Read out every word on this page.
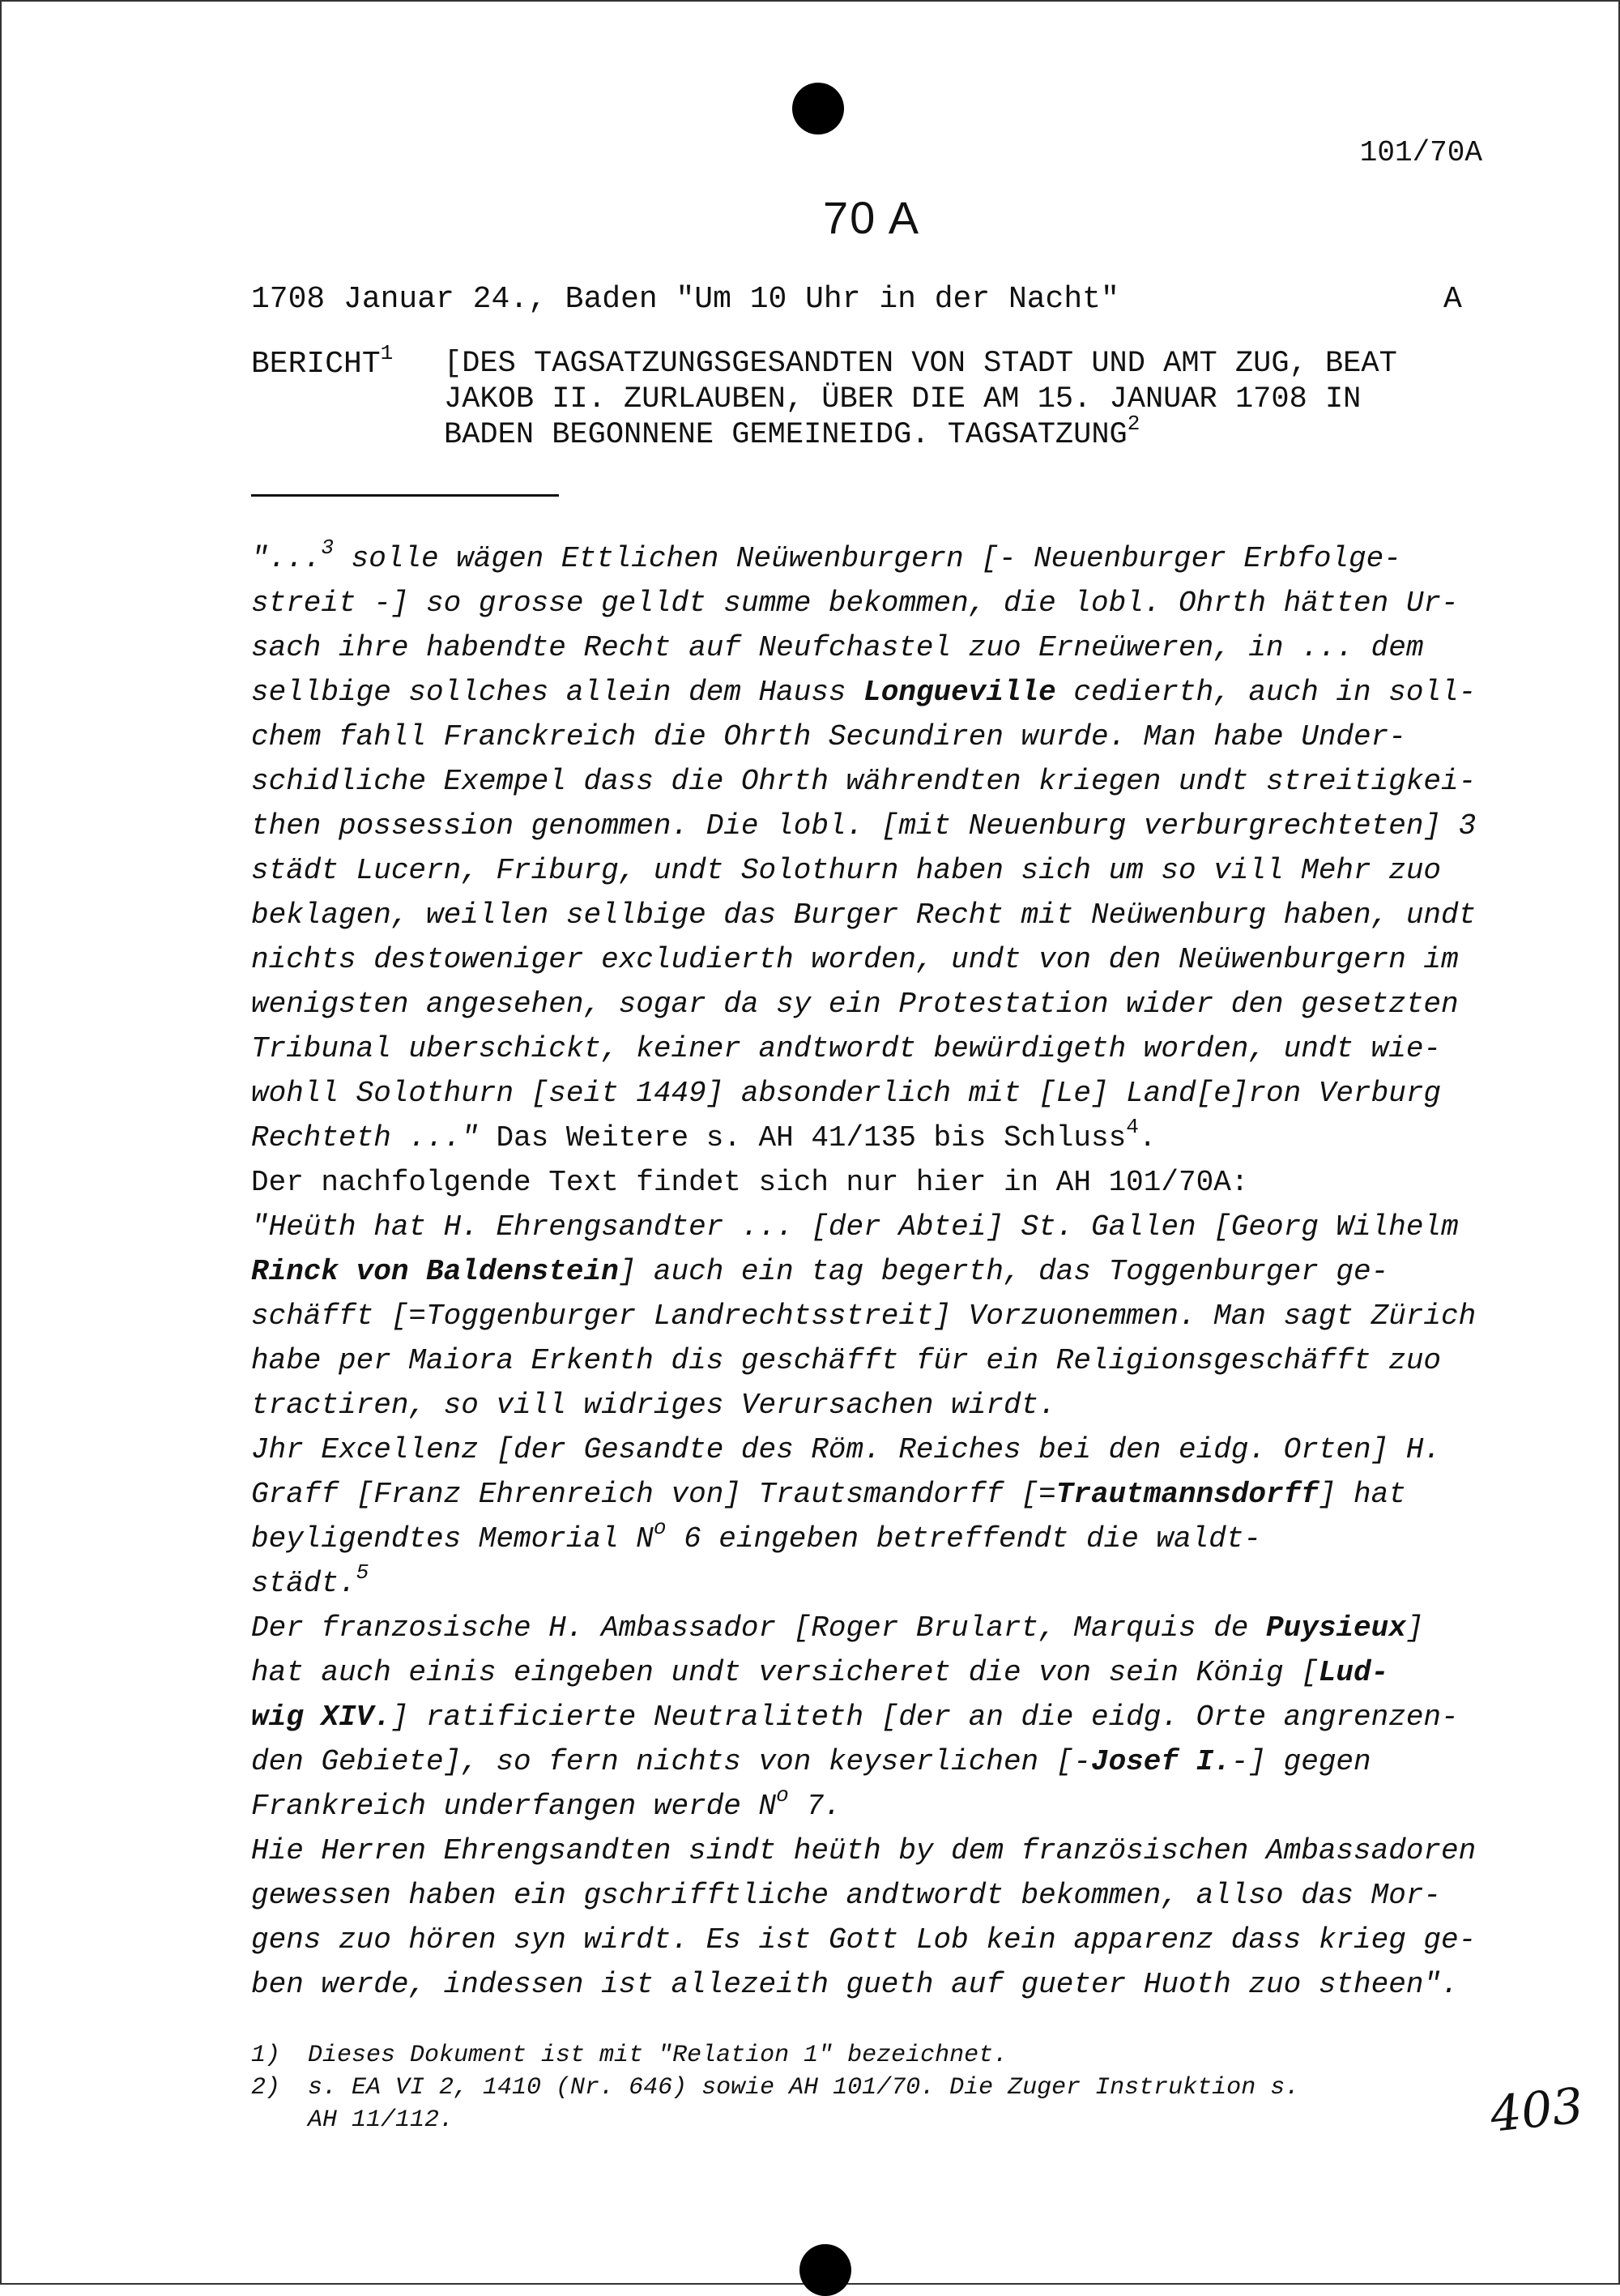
101/70A
70 A
1708 Januar 24., Baden "Um 10 Uhr in der Nacht"	A
BERICHT$^1$ [DES TAGSATZUNGSGESANDTEN VON STADT UND AMT ZUG, BEAT
JAKOB II. ZURLAUBEN, ÜBER DIE AM 15. JANUAR 1708 IN
BADEN BEGONNENE GEMEINEIDG. TAGSATZUNG$^2$
"...$^3$ solle wägen Ettlichen Neüwenburgern [- Neuenburger Erbfolge-
streit -] so grosse gelldt summe bekommen, die lobl. Ohrth hätten Ur-
sach ihre habendte Recht auf Neufchastel zuo Erneüweren, in ... dem
sellbige sollches allein dem Hauss Longueville cedierth, auch in soll-
chem fahll Franckreich die Ohrth Secundiren wurde. Man habe Under-
schidliche Exempel dass die Ohrth währendten kriegen undt streitigkei-
then possession genommen. Die lobl. [mit Neuenburg verburgrechteten] 3
städt Lucern, Friburg, undt Solothurn haben sich um so vill Mehr zuo
beklagen, weillen sellbige das Burger Recht mit Neüwenburg haben, undt
nichts destoweniger excludierth worden, undt von den Neüwenburgern im
wenigsten angesehen, sogar da sy ein Protestation wider den gesetzten
Tribunal uberschickt, keiner andtwordt bewürdigeth worden, undt wie-
wohll Solothurn [seit 1449] absonderlich mit [Le] Land[e]ron Verburg
Rechteth ..." Das Weitere s. AH 41/135 bis Schluss$^4$.
Der nachfolgende Text findet sich nur hier in AH 101/70A:
"Heüth hat H. Ehrengsandter ... [der Abtei] St. Gallen [Georg Wilhelm
Rinck von Baldenstein] auch ein tag begerth, das Toggenburger ge-
schäfft [=Toggenburger Landrechtsstreit] Vorzuonemmen. Man sagt Zürich
habe per Maiora Erkenth dis geschäfft für ein Religionsgeschäfft zuo
tractiren, so vill widriges Verursachen wirdt.
Jhr Excellenz [der Gesandte des Röm. Reiches bei den eidg. Orten] H.
Graff [Franz Ehrenreich von] Trautsmandorff [=Trautmannsdorff] hat
beyligendtes Memorial $N^o$ 6 eingeben betreffendt die waldt-
städt.$^5$
Der franzosische H. Ambassador [Roger Brulart, Marquis de Puysieux]
hat auch einis eingeben undt versicheret die von sein König [Lud-
wig XIV.] ratificierte Neutraliteth [der an die eidg. Orte angrenzen-
den Gebiete], so fern nichts von keyserlichen [-Josef I.-] gegen
Frankreich underfangen werde $N^o$ 7.
Hie Herren Ehrengsandten sindt heüth by dem französischen Ambassadoren
gewessen haben ein gschrifftliche andtwordt bekommen, allso das Mor-
gens zuo hören syn wirdt. Es ist Gott Lob kein apparenz dass krieg ge-
ben werde, indessen ist allezeith gueth auf gueter Huoth zuo stheen".
1) Dieses Dokument ist mit "Relation 1" bezeichnet.
2) s. EA VI 2, 1410 (Nr. 646) sowie AH 101/70. Die Zuger Instruktion s.
AH 11/112.	403
